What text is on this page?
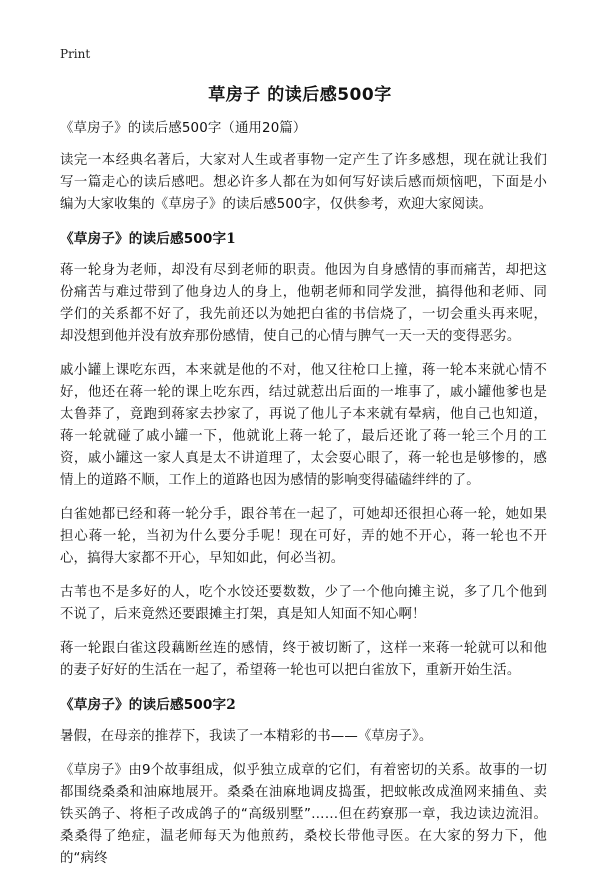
Print
草房子 的读后感500字

《草房子》的读后感500字（通用20篇）

读完一本经典名著后，大家对人生或者事物一定产生了许多感想，现在就让我们写一篇走心的读后感吧。想必许多人都在为如何写好读后感而烦恼吧，下面是小编为大家收集的《草房子》的读后感500字，仅供参考，欢迎大家阅读。

《草房子》的读后感500字1

蒋一轮身为老师，却没有尽到老师的职责。他因为自身感情的事而痛苦，却把这份痛苦与难过带到了他身边人的身上，他朝老师和同学发泄，搞得他和老师、同学们的关系都不好了，我先前还以为她把白雀的书信烧了，一切会重头再来呢，却没想到他并没有放弃那份感情，使自己的心情与脾气一天一天的变得恶劣。

戚小罐上课吃东西，本来就是他的不对，他又往枪口上撞，蒋一轮本来就心情不好，他还在蒋一轮的课上吃东西，结过就惹出后面的一堆事了，戚小罐他爹也是太鲁莽了，竟跑到蒋家去抄家了，再说了他儿子本来就有晕病，他自己也知道，蒋一轮就碰了戚小罐一下，他就讹上蒋一轮了，最后还讹了蒋一轮三个月的工资，戚小罐这一家人真是太不讲道理了，太会耍心眼了，蒋一轮也是够惨的，感情上的道路不顺，工作上的道路也因为感情的影响变得磕磕绊绊的了。

白雀她都已经和蒋一轮分手，跟谷苇在一起了，可她却还很担心蒋一轮，她如果担心蒋一轮，当初为什么要分手呢！现在可好，弄的她不开心，蒋一轮也不开心，搞得大家都不开心，早知如此，何必当初。

古苇也不是多好的人，吃个水饺还要数数，少了一个他向摊主说，多了几个他到不说了，后来竟然还要跟摊主打架，真是知人知面不知心啊！

蒋一轮跟白雀这段藕断丝连的感情，终于被切断了，这样一来蒋一轮就可以和他的妻子好好的生活在一起了，希望蒋一轮也可以把白雀放下，重新开始生活。

《草房子》的读后感500字2

暑假，在母亲的推荐下，我读了一本精彩的书——《草房子》。

《草房子》由9个故事组成，似乎独立成章的它们，有着密切的关系。故事的一切都围绕桑桑和油麻地展开。桑桑在油麻地调皮捣蛋，把蚊帐改成渔网来捕鱼、卖铁买鸽子、将柜子改成鸽子的“高级别墅”……但在药寮那一章，我边读边流泪。桑桑得了绝症，温老师每天为他煎药，桑校长带他寻医。在大家的努力下，他的“病终
